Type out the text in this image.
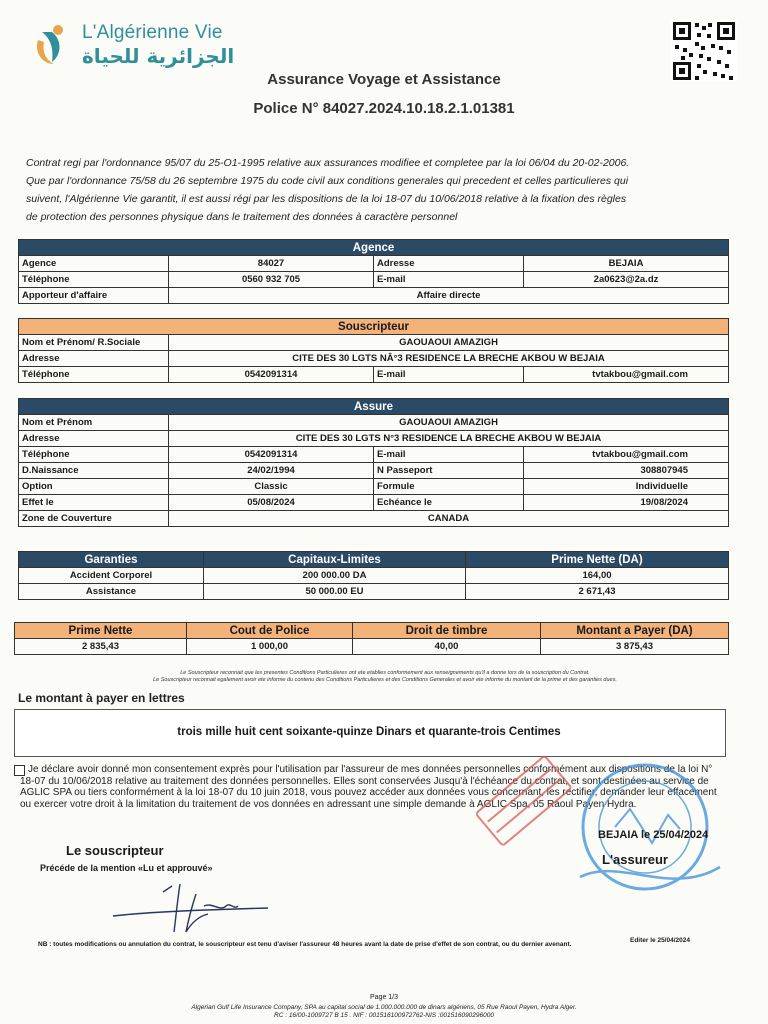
L'Algérienne Vie
الجزائرية للحياة
Assurance Voyage et Assistance
Police N° 84027.2024.10.18.2.1.01381
Contrat regi par l'ordonnance 95/07 du 25-O1-1995 relative aux assurances modifiee et completee par la loi 06/04 du 20-02-2006.
Que par l'ordonnance 75/58 du 26 septembre 1975 du code civil aux conditions generales qui precedent et celles particulieres qui
suivent, l'Algérienne Vie garantit, il est aussi régi par les dispositions de la loi 18-07 du 10/06/2018 relative à la fixation des règles
de protection des personnes physique dans le traitement des données à caractère personnel
Agence			
Agence	84027	Adresse	BEJAIA
Téléphone	0560 932 705	E-mail	2a0623@2a.dz
Apporteur d'affaire	Affaire directe		
Souscripteur			
Nom et Prénom/ R.Sociale	GAOUAOUI AMAZIGH		
Adresse	CITE DES 30 LGTS NÂ°3 RESIDENCE LA BRECHE AKBOU W BEJAIA		
Téléphone	0542091314	E-mail	tvtakbou@gmail.com
Assure			
Nom et Prénom	GAOUAOUI AMAZIGH		
Adresse	CITE DES 30 LGTS N°3 RESIDENCE LA BRECHE AKBOU W BEJAIA		
Téléphone	0542091314	E-mail	tvtakbou@gmail.com
D.Naissance	24/02/1994	N Passeport	308807945
Option	Classic	Formule	Individuelle
Effet le	05/08/2024	Echéance le	19/08/2024
Zone de Couverture	CANADA		
Garanties	Capitaux-Limites	Prime Nette (DA)
Accident Corporel	200 000.00 DA	164,00
Assistance	50 000.00 EU	2 671,43
Prime Nette	Cout de Police	Droit de timbre	Montant a Payer (DA)
2 835,43	1 000,00	40,00	3 875,43
Le Souscripteur reconnait que les presentes Conditions Particulieres ont ete etablies conformement aux renseignements qu'il a donne lors de la souscription du Contrat.
Le Souscripteur reconnait egalement avoir ete informe du contenu des Conditions Particulieres et des Conditions Generales et avoir ete informe du montant de la prime et des garanties dues.
Le montant à payer en lettres
trois mille huit cent soixante-quinze Dinars et quarante-trois Centimes
Je déclare avoir donné mon consentement exprès pour l'utilisation par l'assureur de mes données personnelles conformément aux dispositions de la loi N° 18-07 du 10/06/2018 relative au traitement des données personnelles. Elles sont conservées Jusqu'à l'échéance du contrat, et sont destinées au service de AGLIC SPA ou tiers conformément à la loi 18-07 du 10 juin 2018, vous pouvez accéder aux données vous concernant, les rectifier, demander leur effacement ou exercer votre droit à la limitation du traitement de vos données en adressant une simple demande à AGLIC Spa, 05 Raoul Payen Hydra.
BEJAIA le 25/04/2024
L'assureur
Le souscripteur
Précéde de la mention «Lu et approuvé»
Editer le 25/04/2024
NB : toutes modifications ou annulation du contrat, le souscripteur est tenu d'aviser l'assureur 48 heures avant la date de prise d'effet de son contrat, ou du dernier avenant.
Page 1/3
Algerian Gulf Life Insurance Company, SPA au capital social de 1.000.000.000 de dinars algériens, 05 Rue Raoul Payen, Hydra Alger.
RC : 16/00-1009727 B 15 . NIF : 001516100972762-NIS :001516090296000
